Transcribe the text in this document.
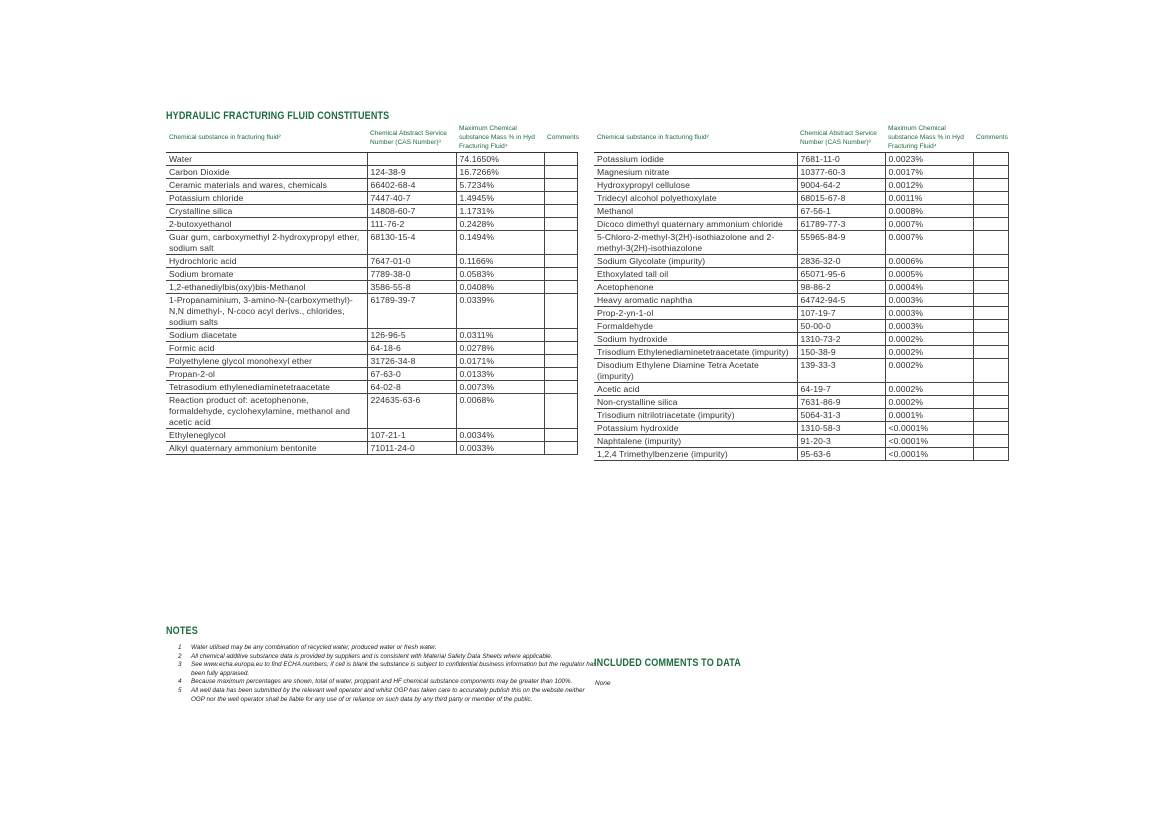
HYDRAULIC FRACTURING FLUID CONSTITUENTS
Chemical substance in fracturing fluid²	Chemical Abstract Service Number (CAS Number)³	Maximum Chemical substance Mass % in Hyd Fracturing Fluid⁴	Comments
Water		74.1650%	
Carbon Dioxide	124-38-9	16.7266%	
Ceramic materials and wares, chemicals	66402-68-4	5.7234%	
Potassium chloride	7447-40-7	1.4945%	
Crystalline silica	14808-60-7	1.1731%	
2-butoxyethanol	111-76-2	0.2428%	
Guar gum, carboxymethyl 2-hydroxypropyl ether, sodium salt	68130-15-4	0.1494%	
Hydrochloric acid	7647-01-0	0.1166%	
Sodium bromate	7789-38-0	0.0583%	
1,2-ethanediylbis(oxy)bis-Methanol	3586-55-8	0.0408%	
1-Propanaminium, 3-amino-N-(carboxymethyl)-N,N dimethyl-, N-coco acyl derivs., chlorides, sodium salts	61789-39-7	0.0339%	
Sodium diacetate	126-96-5	0.0311%	
Formic acid	64-18-6	0.0278%	
Polyethylene glycol monohexyl ether	31726-34-8	0.0171%	
Propan-2-ol	67-63-0	0.0133%	
Tetrasodium ethylenediaminetetraacetate	64-02-8	0.0073%	
Reaction product of: acetophenone, formaldehyde, cyclohexylamine, methanol and acetic acid	224635-63-6	0.0068%	
Ethyleneglycol	107-21-1	0.0034%	
Alkyl quaternary ammonium bentonite	71011-24-0	0.0033%	
Chemical substance in fracturing fluid²	Chemical Abstract Service Number (CAS Number)³	Maximum Chemical substance Mass % in Hyd Fracturing Fluid⁴	Comments
Potassium iodide	7681-11-0	0.0023%	
Magnesium nitrate	10377-60-3	0.0017%	
Hydroxypropyl cellulose	9004-64-2	0.0012%	
Tridecyl alcohol polyethoxylate	68015-67-8	0.0011%	
Methanol	67-56-1	0.0008%	
Dicoco dimethyl quaternary ammonium chloride	61789-77-3	0.0007%	
5-Chloro-2-methyl-3(2H)-isothiazolone and 2-methyl-3(2H)-isothiazolone	55965-84-9	0.0007%	
Sodium Glycolate (impurity)	2836-32-0	0.0006%	
Ethoxylated tall oil	65071-95-6	0.0005%	
Acetophenone	98-86-2	0.0004%	
Heavy aromatic naphtha	64742-94-5	0.0003%	
Prop-2-yn-1-ol	107-19-7	0.0003%	
Formaldehyde	50-00-0	0.0003%	
Sodium hydroxide	1310-73-2	0.0002%	
Trisodium Ethylenediaminetetraacetate (impurity)	150-38-9	0.0002%	
Disodium Ethylene Diamine Tetra Acetate (impurity)	139-33-3	0.0002%	
Acetic acid	64-19-7	0.0002%	
Non-crystalline silica	7631-86-9	0.0002%	
Trisodium nitrilotriacetate (impurity)	5064-31-3	0.0001%	
Potassium hydroxide	1310-58-3	<0.0001%	
Naphtalene (impurity)	91-20-3	<0.0001%	
1,2,4 Trimethylbenzene (impurity)	95-63-6	<0.0001%	
NOTES
1 Water utilised may be any combination of recycled water, produced water or fresh water.
2 All chemical additive substance data is provided by suppliers and is consistent with Material Safety Data Sheets where applicable.
3 See www.echa.europa.eu to find ECHA numbers; if cell is blank the substance is subject to confidential business information but the regulator has been fully appraised.
4 Because maximum percentages are shown, total of water, proppant and HF chemical substance components may be greater than 100%.
5 All well data has been submitted by the relevant well operator and whilst OGP has taken care to accurately publish this on the website neither OGP nor the well operator shall be liable for any use of or reliance on such data by any third party or member of the public.
INCLUDED COMMENTS TO DATA
None
